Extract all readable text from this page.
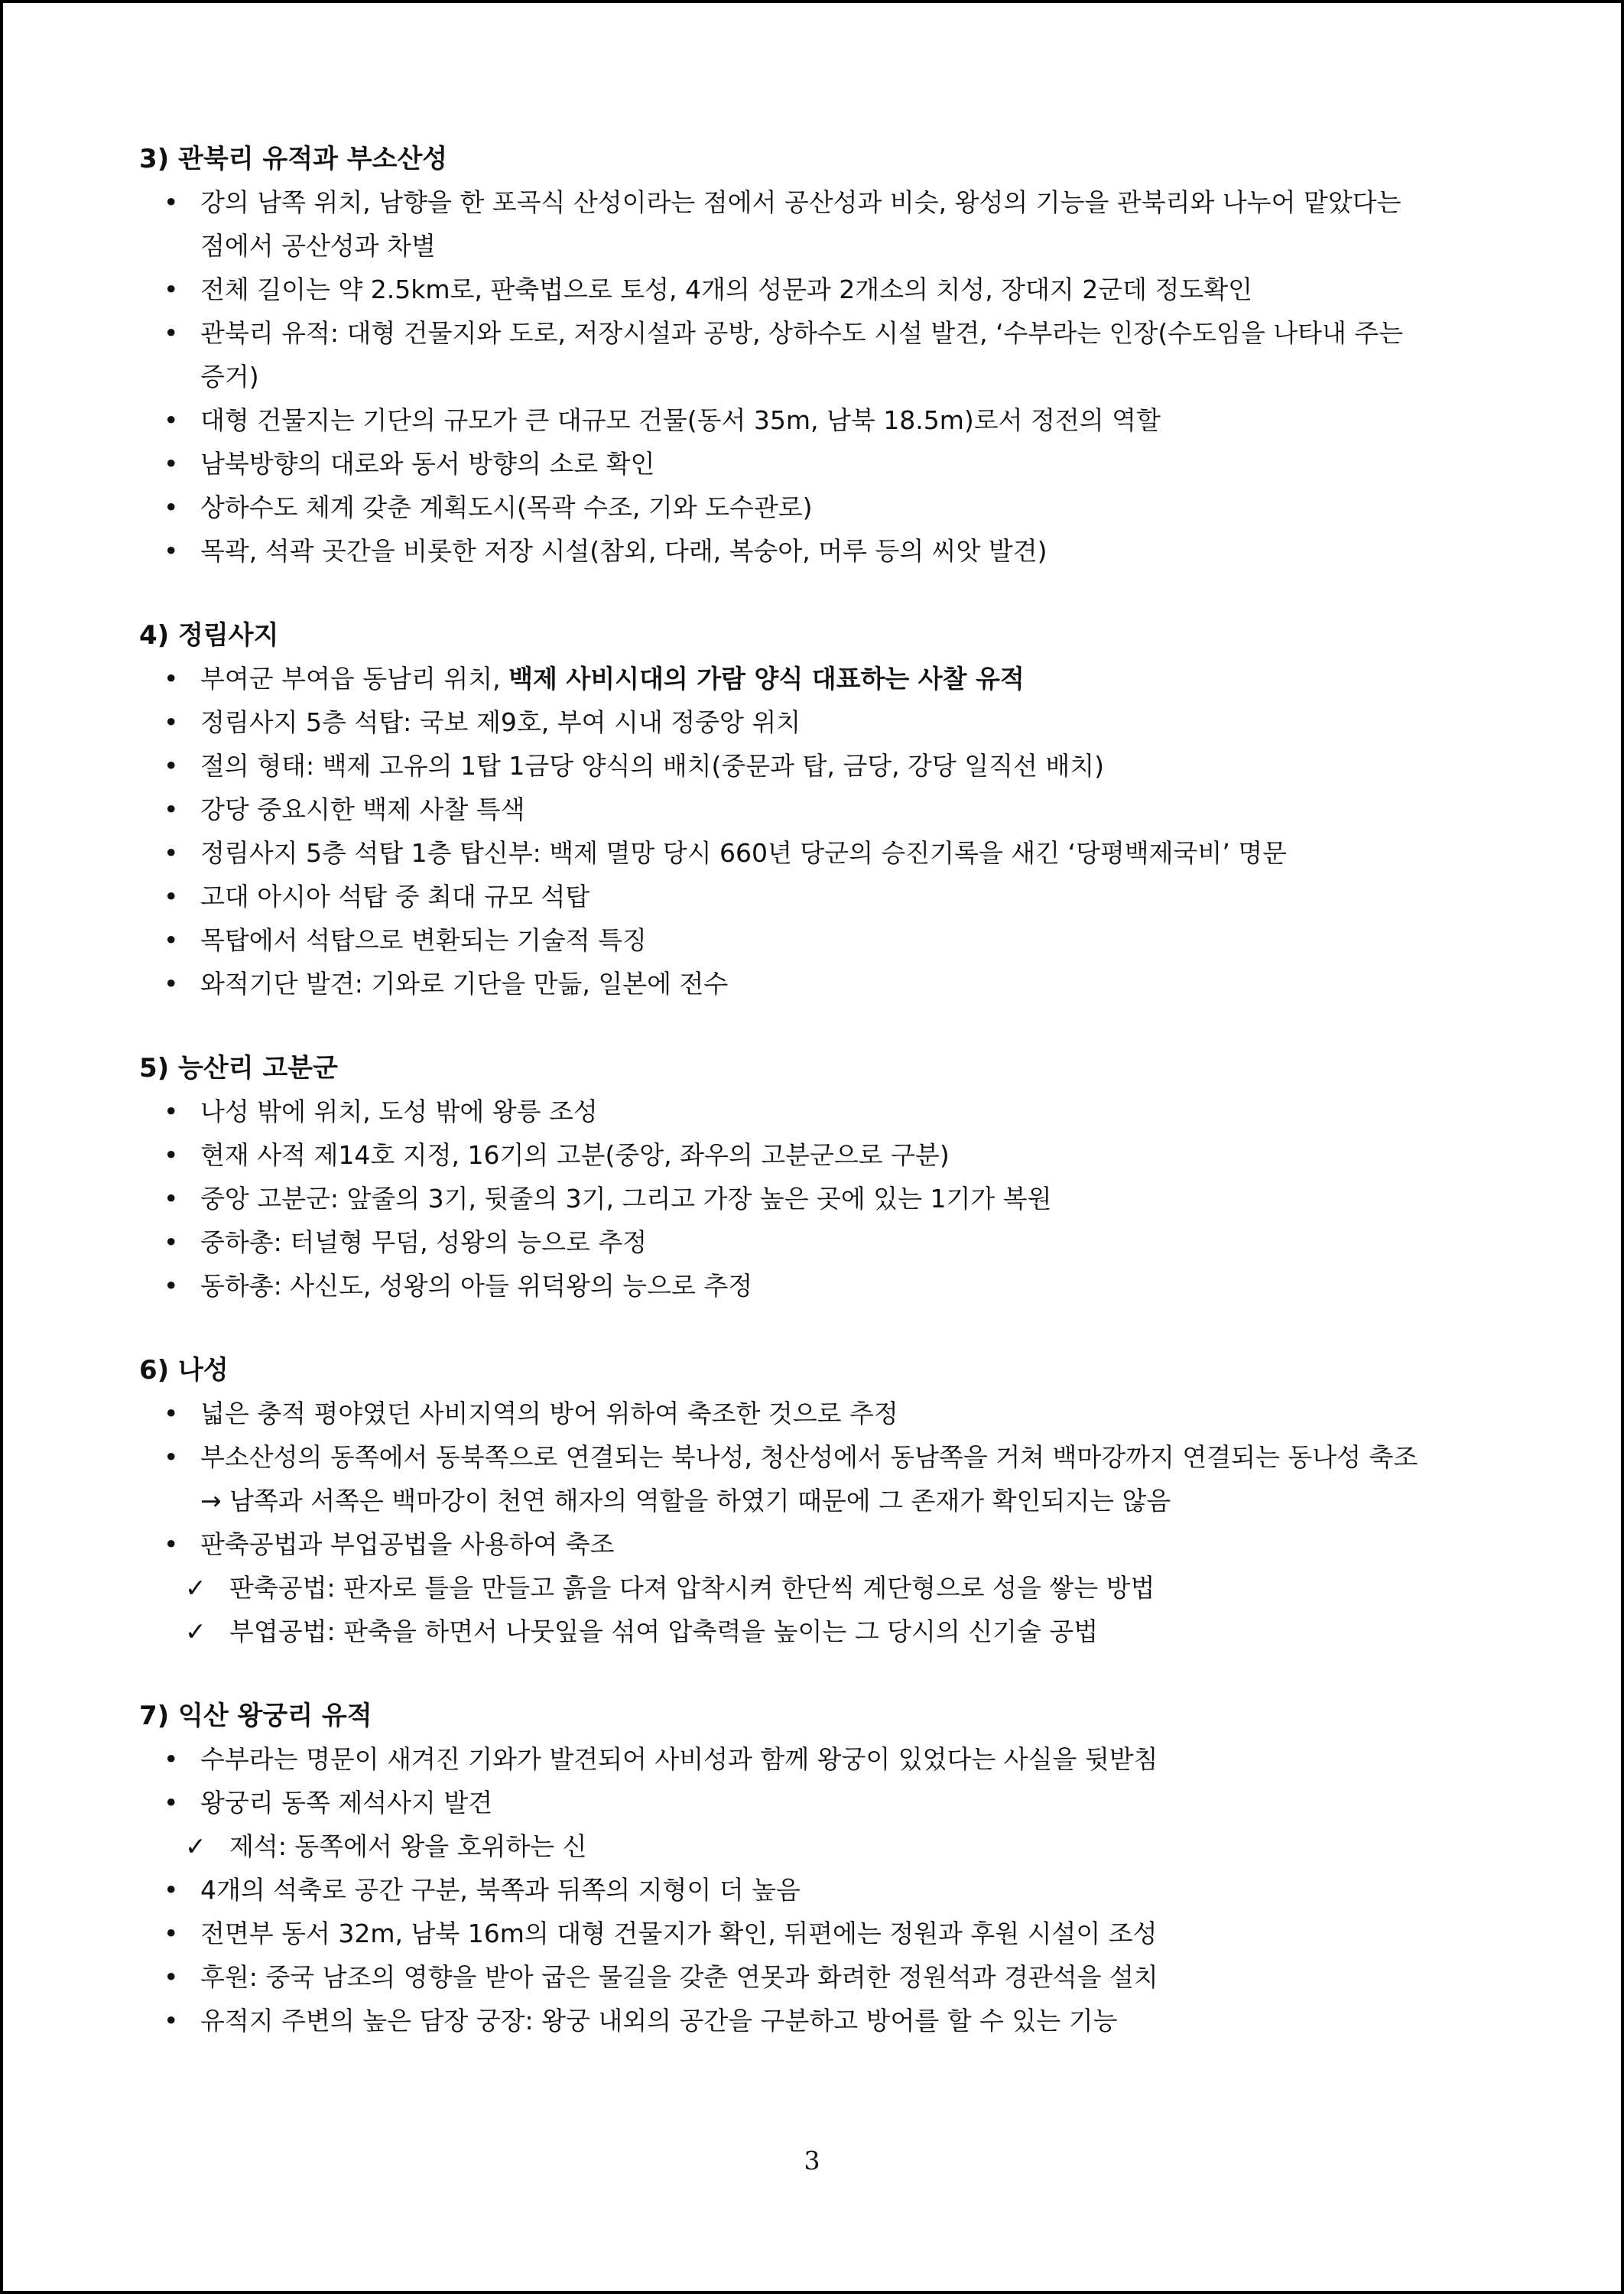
3) 관북리 유적과 부소산성
• 강의 남쪽 위치, 남향을 한 포곡식 산성이라는 점에서 공산성과 비슷, 왕성의 기능을 관북리와 나누어 맡았다는 점에서 공산성과 차별
• 전체 길이는 약 2.5km로, 판축법으로 토성, 4개의 성문과 2개소의 치성, 장대지 2군데 정도확인
• 관북리 유적: 대형 건물지와 도로, 저장시설과 공방, 상하수도 시설 발견, ‘수부라는 인장(수도임을 나타내 주는 증거)
• 대형 건물지는 기단의 규모가 큰 대규모 건물(동서 35m, 남북 18.5m)로서 정전의 역할
• 남북방향의 대로와 동서 방향의 소로 확인
• 상하수도 체계 갖춘 계획도시(목곽 수조, 기와 도수관로)
• 목곽, 석곽 곳간을 비롯한 저장 시설(참외, 다래, 복숭아, 머루 등의 씨앗 발견)
4) 정림사지
• 부여군 부여읍 동남리 위치, 백제 사비시대의 가람 양식 대표하는 사찰 유적
• 정림사지 5층 석탑: 국보 제9호, 부여 시내 정중앙 위치
• 절의 형태: 백제 고유의 1탑 1금당 양식의 배치(중문과 탑, 금당, 강당 일직선 배치)
• 강당 중요시한 백제 사찰 특색
• 정림사지 5층 석탑 1층 탑신부: 백제 멸망 당시 660년 당군의 승진기록을 새긴 ‘당평백제국비’ 명문
• 고대 아시아 석탑 중 최대 규모 석탑
• 목탑에서 석탑으로 변환되는 기술적 특징
• 와적기단 발견: 기와로 기단을 만듦, 일본에 전수
5) 능산리 고분군
• 나성 밖에 위치, 도성 밖에 왕릉 조성
• 현재 사적 제14호 지정, 16기의 고분(중앙, 좌우의 고분군으로 구분)
• 중앙 고분군: 앞줄의 3기, 뒷줄의 3기, 그리고 가장 높은 곳에 있는 1기가 복원
• 중하총: 터널형 무덤, 성왕의 능으로 추정
• 동하총: 사신도, 성왕의 아들 위덕왕의 능으로 추정
6) 나성
• 넓은 충적 평야였던 사비지역의 방어 위하여 축조한 것으로 추정
• 부소산성의 동쪽에서 동북쪽으로 연결되는 북나성, 청산성에서 동남쪽을 거쳐 백마강까지 연결되는 동나성 축조 → 남쪽과 서쪽은 백마강이 천연 해자의 역할을 하였기 때문에 그 존재가 확인되지는 않음
• 판축공법과 부업공법을 사용하여 축조
✓ 판축공법: 판자로 틀을 만들고 흙을 다져 압착시켜 한단씩 계단형으로 성을 쌓는 방법
✓ 부엽공법: 판축을 하면서 나뭇잎을 섞여 압축력을 높이는 그 당시의 신기술 공법
7) 익산 왕궁리 유적
• 수부라는 명문이 새겨진 기와가 발견되어 사비성과 함께 왕궁이 있었다는 사실을 뒷받침
• 왕궁리 동쪽 제석사지 발견
✓ 제석: 동쪽에서 왕을 호위하는 신
• 4개의 석축로 공간 구분, 북쪽과 뒤쪽의 지형이 더 높음
• 전면부 동서 32m, 남북 16m의 대형 건물지가 확인, 뒤편에는 정원과 후원 시설이 조성
• 후원: 중국 남조의 영향을 받아 굽은 물길을 갖춘 연못과 화려한 정원석과 경관석을 설치
• 유적지 주변의 높은 담장 궁장: 왕궁 내외의 공간을 구분하고 방어를 할 수 있는 기능
3
